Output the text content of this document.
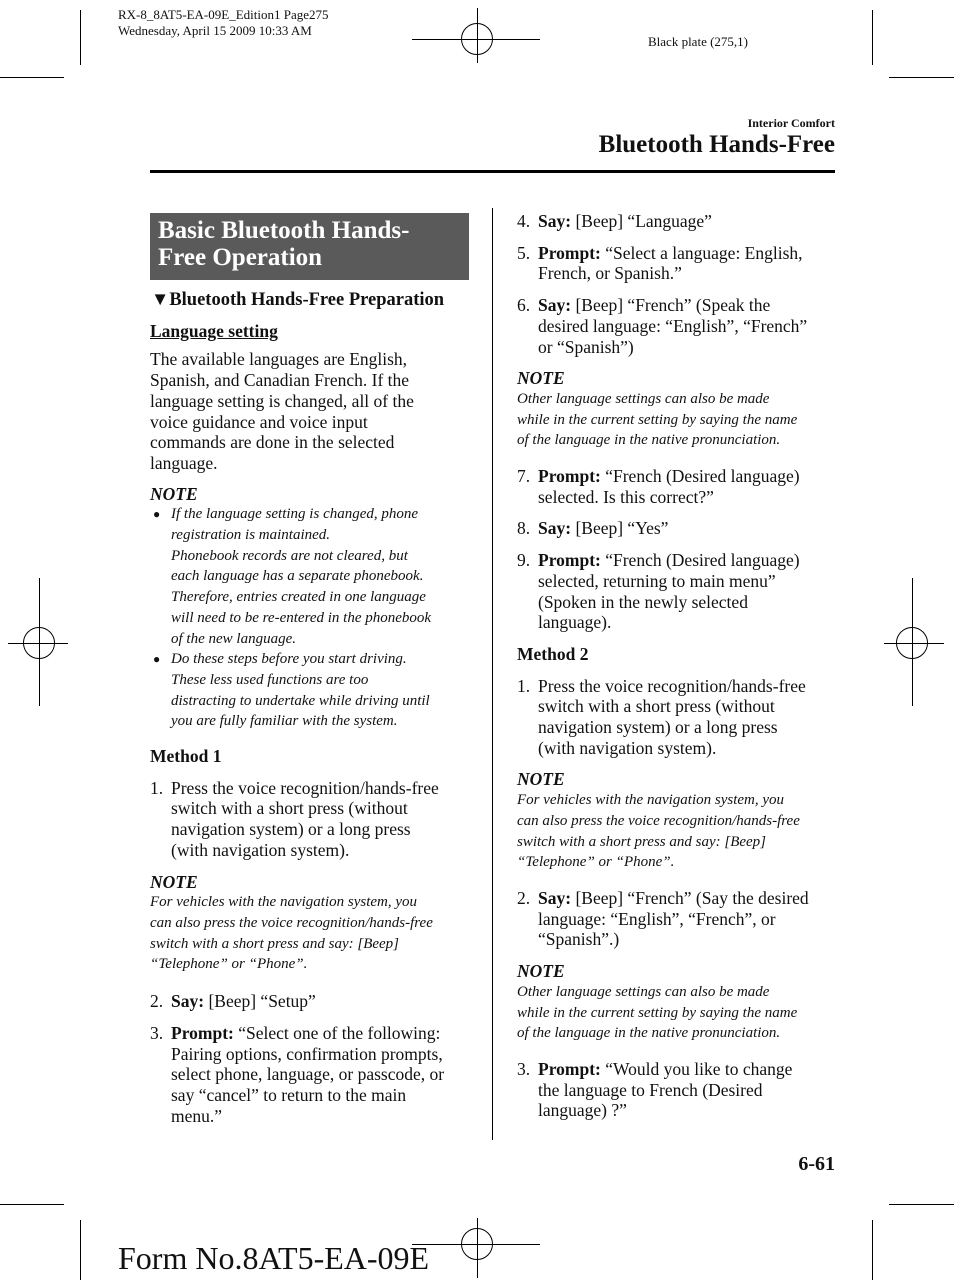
RX-8_8AT5-EA-09E_Edition1 Page275
Wednesday, April 15 2009 10:33 AM
Black plate (275,1)
Interior Comfort
Bluetooth Hands-Free
Basic Bluetooth Hands-
Free Operation
▼Bluetooth Hands-Free Preparation
Language setting

The available languages are English,

Spanish, and Canadian French. If the

language setting is changed, all of the

voice guidance and voice input

commands are done in the selected

language.

NOTE
● If the language setting is changed, phone

registration is maintained.

Phonebook records are not cleared, but

each language has a separate phonebook.

Therefore, entries created in one language

will need to be re-entered in the phonebook

of the new language.

● Do these steps before you start driving.

These less used functions are too

distracting to undertake while driving until

you are fully familiar with the system.

Method 1
1. Press the voice recognition/hands-free

switch with a short press (without

navigation system) or a long press

(with navigation system).

NOTE

For vehicles with the navigation system, you

can also press the voice recognition/hands-free

switch with a short press and say: [Beep]

“Telephone” or “Phone”.

2. Say: [Beep] “Setup”

3. Prompt: “Select one of the following:

Pairing options, confirmation prompts,

select phone, language, or passcode, or

say “cancel” to return to the main

menu.”

4. Say: [Beep] “Language”

5. Prompt: “Select a language: English,

French, or Spanish.”

6. Say: [Beep] “French” (Speak the

desired language: “English”, “French”

or “Spanish”)

NOTE

Other language settings can also be made

while in the current setting by saying the name

of the language in the native pronunciation.

7. Prompt: “French (Desired language)

selected. Is this correct?”

8. Say: [Beep] “Yes”

9. Prompt: “French (Desired language)

selected, returning to main menu”

(Spoken in the newly selected

language).

Method 2
1. Press the voice recognition/hands-free

switch with a short press (without

navigation system) or a long press

(with navigation system).

NOTE

For vehicles with the navigation system, you

can also press the voice recognition/hands-free

switch with a short press and say: [Beep]

“Telephone” or “Phone”.

2. Say: [Beep] “French” (Say the desired

language: “English”, “French”, or

“Spanish”.)

NOTE

Other language settings can also be made

while in the current setting by saying the name

of the language in the native pronunciation.

3. Prompt: “Would you like to change

the language to French (Desired

language) ?”

6-61
Form No.8AT5-EA-09E
